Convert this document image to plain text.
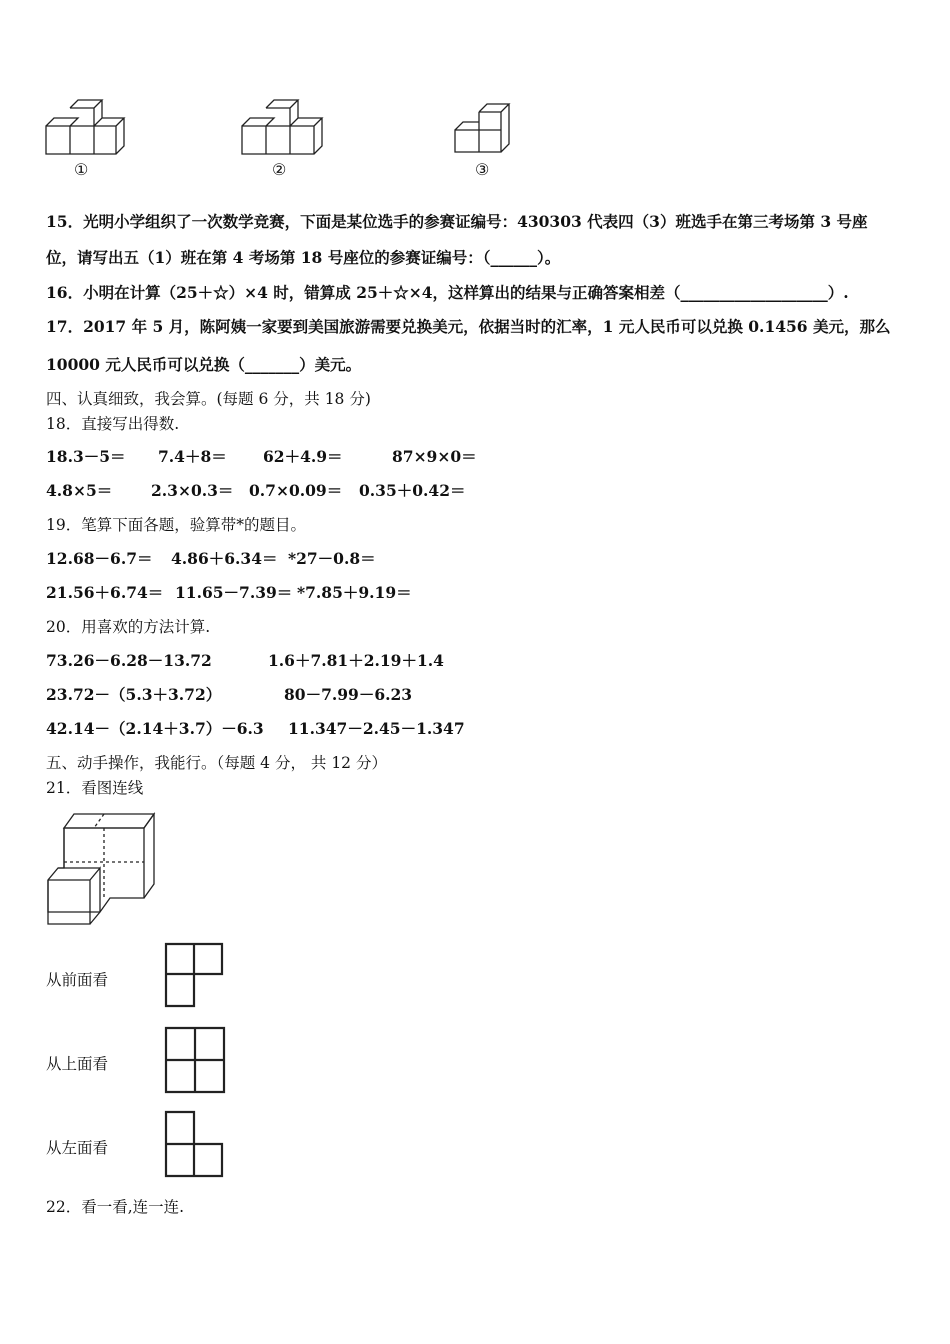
①	②	③
15．光明小学组织了一次数学竞赛，下面是某位选手的参赛证编号：430303 代表四（3）班选手在第三考场第 3 号座
位，请写出五（1）班在第 4 考场第 18 号座位的参赛证编号：（______）。
16．小明在计算（25＋☆）×4 时，错算成 25＋☆×4，这样算出的结果与正确答案相差（___________________）.
17．2017 年 5 月，陈阿姨一家要到美国旅游需要兑换美元，依据当时的汇率，1 元人民币可以兑换 0.1456 美元，那么
10000 元人民币可以兑换（_______）美元。
四、认真细致，我会算。(每题 6 分，共 18 分)
18．直接写出得数.
18.3－5＝ 7.4＋8＝ 62＋4.9＝	87×9×0＝
4.8×5＝	2.3×0.3＝ 0.7×0.09＝ 0.35＋0.42＝
19．笔算下面各题，验算带*的题目。
12.68－6.7＝ 4.86＋6.34＝ *27－0.8＝
21.56＋6.74＝ 11.65－7.39＝ *7.85＋9.19＝
20．用喜欢的方法计算.
73.26－6.28－13.72	1.6＋7.81＋2.19＋1.4
23.72－（5.3＋3.72）	80－7.99－6.23
42.14－（2.14＋3.7）－6.3 11.347－2.45－1.347
五、动手操作，我能行。（每题 4 分， 共 12 分）
21．看图连线
从前面看
从上面看
从左面看
22．看一看,连一连.
